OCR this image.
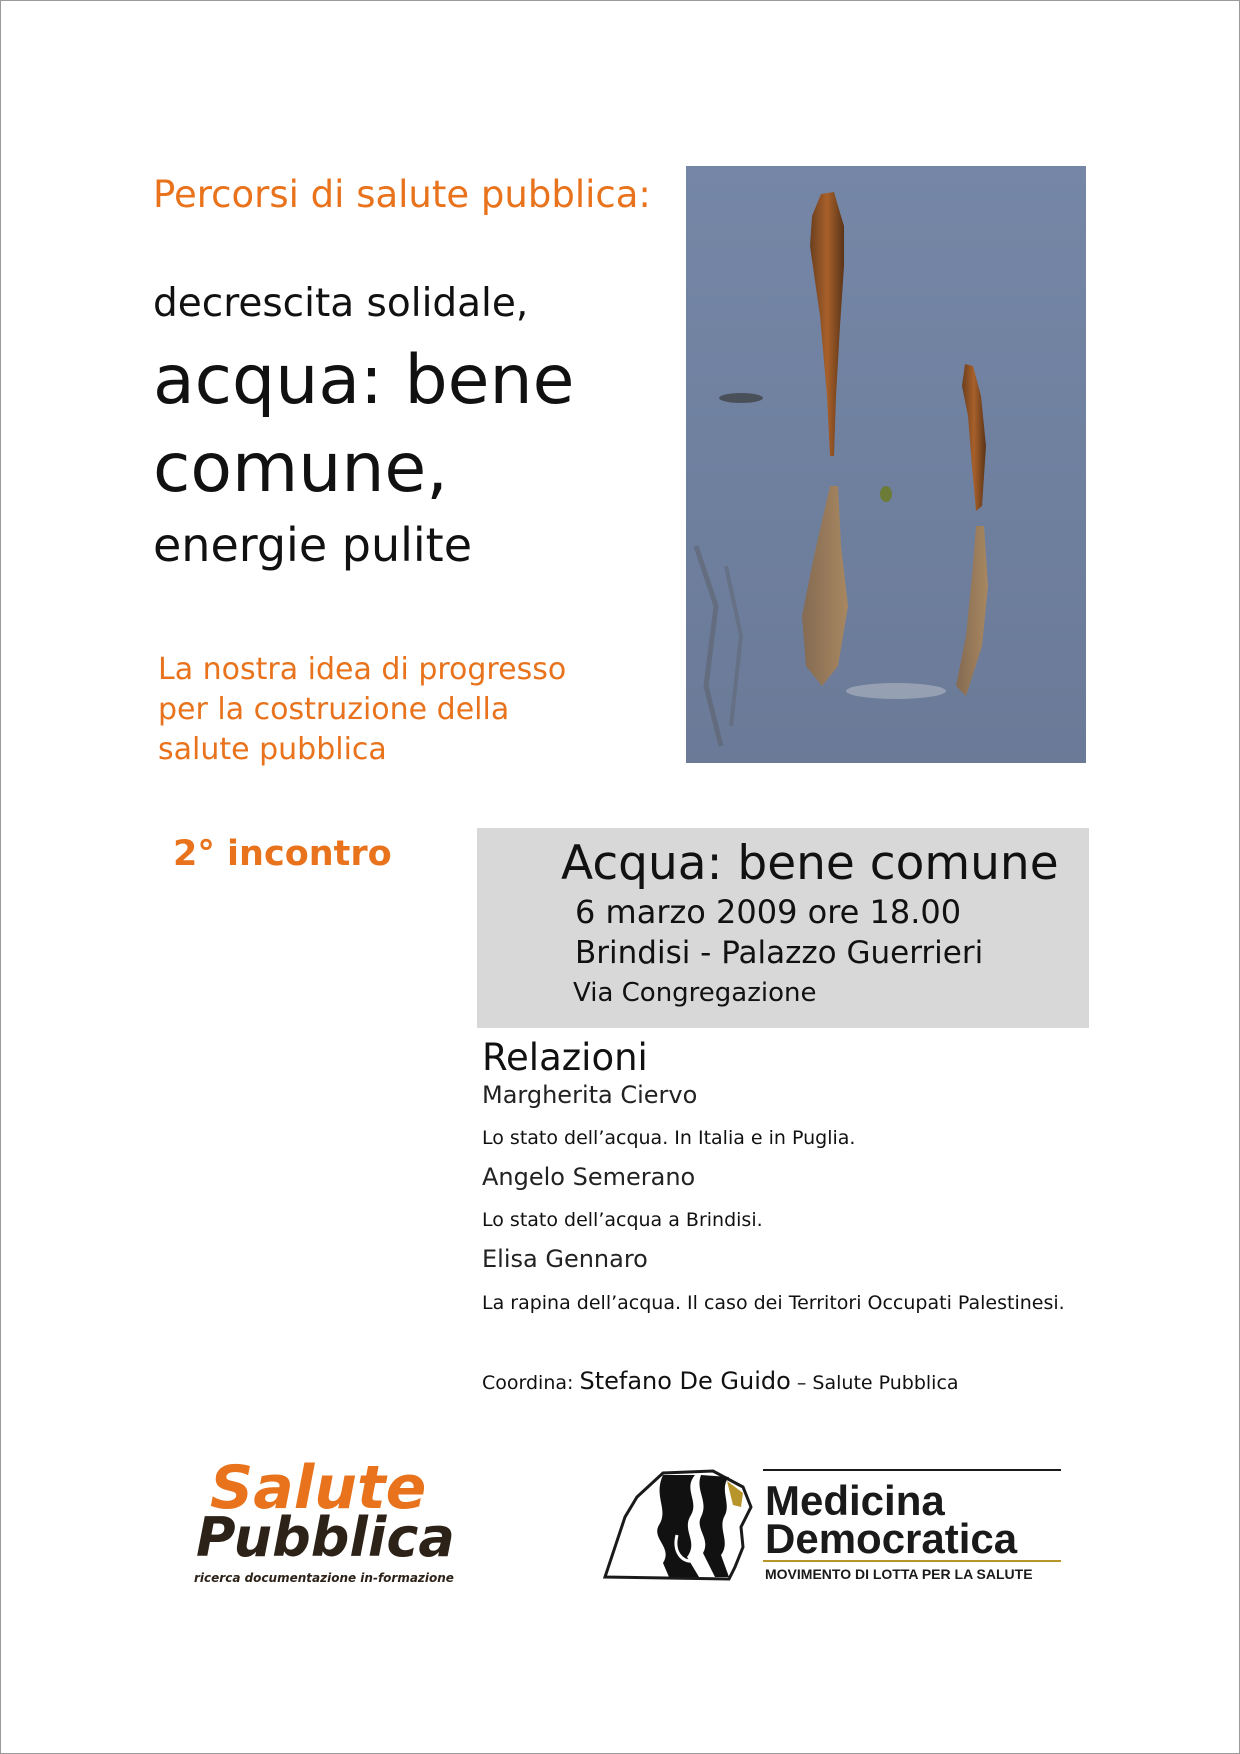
Percorsi di salute pubblica:
decrescita solidale,
acqua: bene comune,
energie pulite
La nostra idea di progresso per la costruzione della salute pubblica
2° incontro	Acqua: bene comune
6 marzo 2009 ore 18.00
Brindisi - Palazzo Guerrieri
Via Congregazione
Relazioni
Margherita Ciervo
Lo stato dell’acqua. In Italia e in Puglia.
Angelo Semerano
Lo stato dell’acqua a Brindisi.
Elisa Gennaro
La rapina dell’acqua. Il caso dei Territori Occupati Palestinesi.
Coordina: Stefano De Guido – Salute Pubblica
Salute
Pubblica
ricerca documentazione in-formazione
Medicina
Democratica
MOVIMENTO DI LOTTA PER LA SALUTE
